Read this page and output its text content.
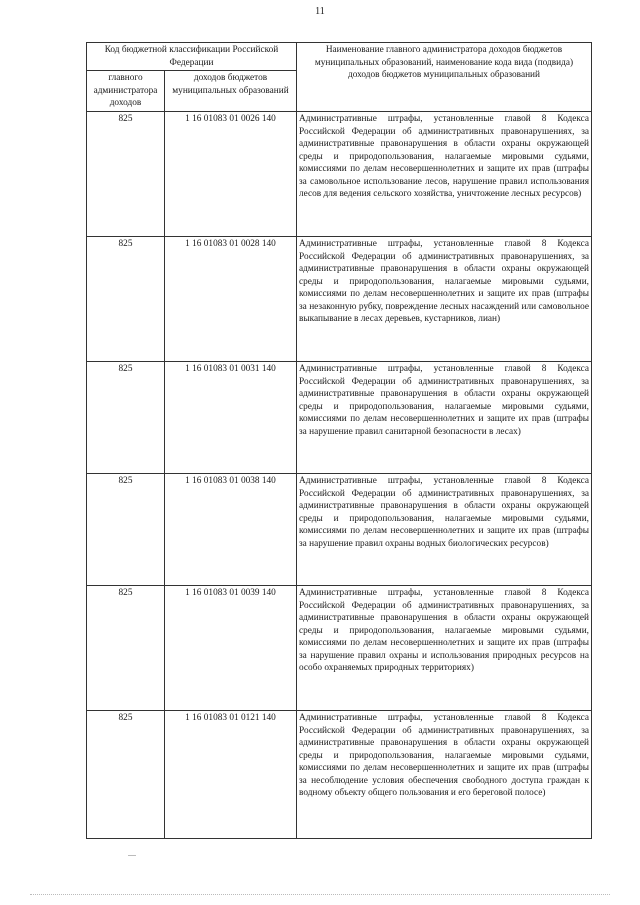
11
Код бюджетной классификации Российской Федерации		Наименование главного администратора доходов бюджетов муниципальных образований, наименование кода вида (подвида) доходов бюджетов муниципальных образований
главного администратора доходов	доходов бюджетов муниципальных образований	
825	1 16 01083 01 0026 140	Административные штрафы, установленные главой 8 Кодекса Российской Федерации об административных правонарушениях, за административные правонарушения в области охраны окружающей среды и природопользования, налагаемые мировыми судьями, комиссиями по делам несовершеннолетних и защите их прав (штрафы за самовольное использование лесов, нарушение правил использования лесов для ведения сельского хозяйства, уничтожение лесных ресурсов)
825	1 16 01083 01 0028 140	Административные штрафы, установленные главой 8 Кодекса Российской Федерации об административных правонарушениях, за административные правонарушения в области охраны окружающей среды и природопользования, налагаемые мировыми судьями, комиссиями по делам несовершеннолетних и защите их прав (штрафы за незаконную рубку, повреждение лесных насаждений или самовольное выкапывание в лесах деревьев, кустарников, лиан)
825	1 16 01083 01 0031 140	Административные штрафы, установленные главой 8 Кодекса Российской Федерации об административных правонарушениях, за административные правонарушения в области охраны окружающей среды и природопользования, налагаемые мировыми судьями, комиссиями по делам несовершеннолетних и защите их прав (штрафы за нарушение правил санитарной безопасности в лесах)
825	1 16 01083 01 0038 140	Административные штрафы, установленные главой 8 Кодекса Российской Федерации об административных правонарушениях, за административные правонарушения в области охраны окружающей среды и природопользования, налагаемые мировыми судьями, комиссиями по делам несовершеннолетних и защите их прав (штрафы за нарушение правил охраны водных биологических ресурсов)
825	1 16 01083 01 0039 140	Административные штрафы, установленные главой 8 Кодекса Российской Федерации об административных правонарушениях, за административные правонарушения в области охраны окружающей среды и природопользования, налагаемые мировыми судьями, комиссиями по делам несовершеннолетних и защите их прав (штрафы за нарушение правил охраны и использования природных ресурсов на особо охраняемых природных территориях)
825	1 16 01083 01 0121 140	Административные штрафы, установленные главой 8 Кодекса Российской Федерации об административных правонарушениях, за административные правонарушения в области охраны окружающей среды и природопользования, налагаемые мировыми судьями, комиссиями по делам несовершеннолетних и защите их прав (штрафы за несоблюдение условия обеспечения свободного доступа граждан к водному объекту общего пользования и его береговой полосе)
